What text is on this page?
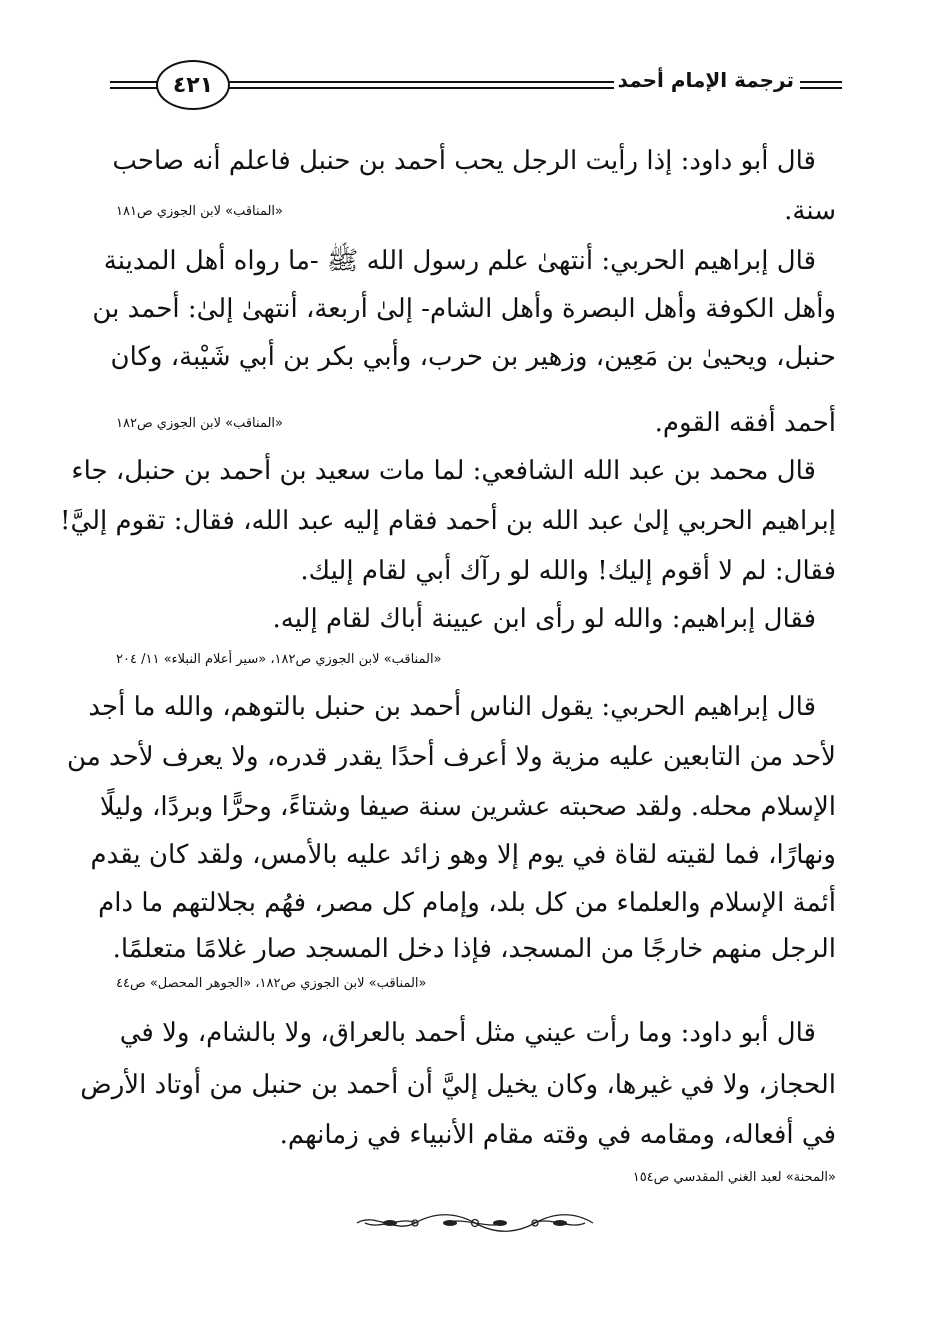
٤٢١	ترجمة الإمام أحمد
قال أبو داود: إذا رأيت الرجل يحب أحمد بن حنبل فاعلم أنه صاحب
«المناقب» لابن الجوزي ص١٨١	سنة.
قال إبراهيم الحربي: أنتهىٰ علم رسول الله ﷺ -ما رواه أهل المدينة
وأهل الكوفة وأهل البصرة وأهل الشام- إلىٰ أربعة، أنتهىٰ إلىٰ: أحمد بن
حنبل، ويحيىٰ بن مَعِين، وزهير بن حرب، وأبي بكر بن أبي شَيْبة، وكان
«المناقب» لابن الجوزي ص١٨٢	أحمد أفقه القوم.
قال محمد بن عبد الله الشافعي: لما مات سعيد بن أحمد بن حنبل، جاء
إبراهيم الحربي إلىٰ عبد الله بن أحمد فقام إليه عبد الله، فقال: تقوم إليَّ!
فقال: لم لا أقوم إليك! والله لو رآك أبي لقام إليك.
فقال إبراهيم: والله لو رأى ابن عيينة أباك لقام إليه.
«المناقب» لابن الجوزي ص١٨٢، «سير أعلام النبلاء» ١١/ ٢٠٤
قال إبراهيم الحربي: يقول الناس أحمد بن حنبل بالتوهم، والله ما أجد
لأحد من التابعين عليه مزية ولا أعرف أحدًا يقدر قدره، ولا يعرف لأحد من
الإسلام محله. ولقد صحبته عشرين سنة صيفا وشتاءً، وحرًّا وبردًا، وليلًا
ونهارًا، فما لقيته لقاة في يوم إلا وهو زائد عليه بالأمس، ولقد كان يقدم
أئمة الإسلام والعلماء من كل بلد، وإمام كل مصر، فهُم بجلالتهم ما دام
الرجل منهم خارجًا من المسجد، فإذا دخل المسجد صار غلامًا متعلمًا.
«المناقب» لابن الجوزي ص١٨٢، «الجوهر المحصل» ص٤٤
قال أبو داود: وما رأت عيني مثل أحمد بالعراق، ولا بالشام، ولا في
الحجاز، ولا في غيرها، وكان يخيل إليَّ أن أحمد بن حنبل من أوتاد الأرض
في أفعاله، ومقامه في وقته مقام الأنبياء في زمانهم.
«المحنة» لعبد الغني المقدسي ص١٥٤
